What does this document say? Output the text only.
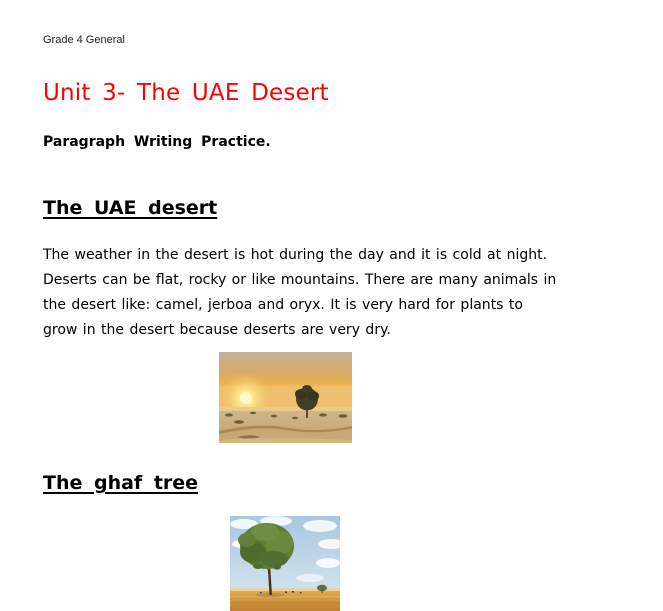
Grade 4 General
Unit 3- The UAE Desert
Paragraph Writing Practice.
The UAE desert
The weather in the desert is hot during the day and it is cold at night.
Deserts can be flat, rocky or like mountains. There are many animals in
the desert like: camel, jerboa and oryx. It is very hard for plants to
grow in the desert because deserts are very dry.
The ghaf tree
